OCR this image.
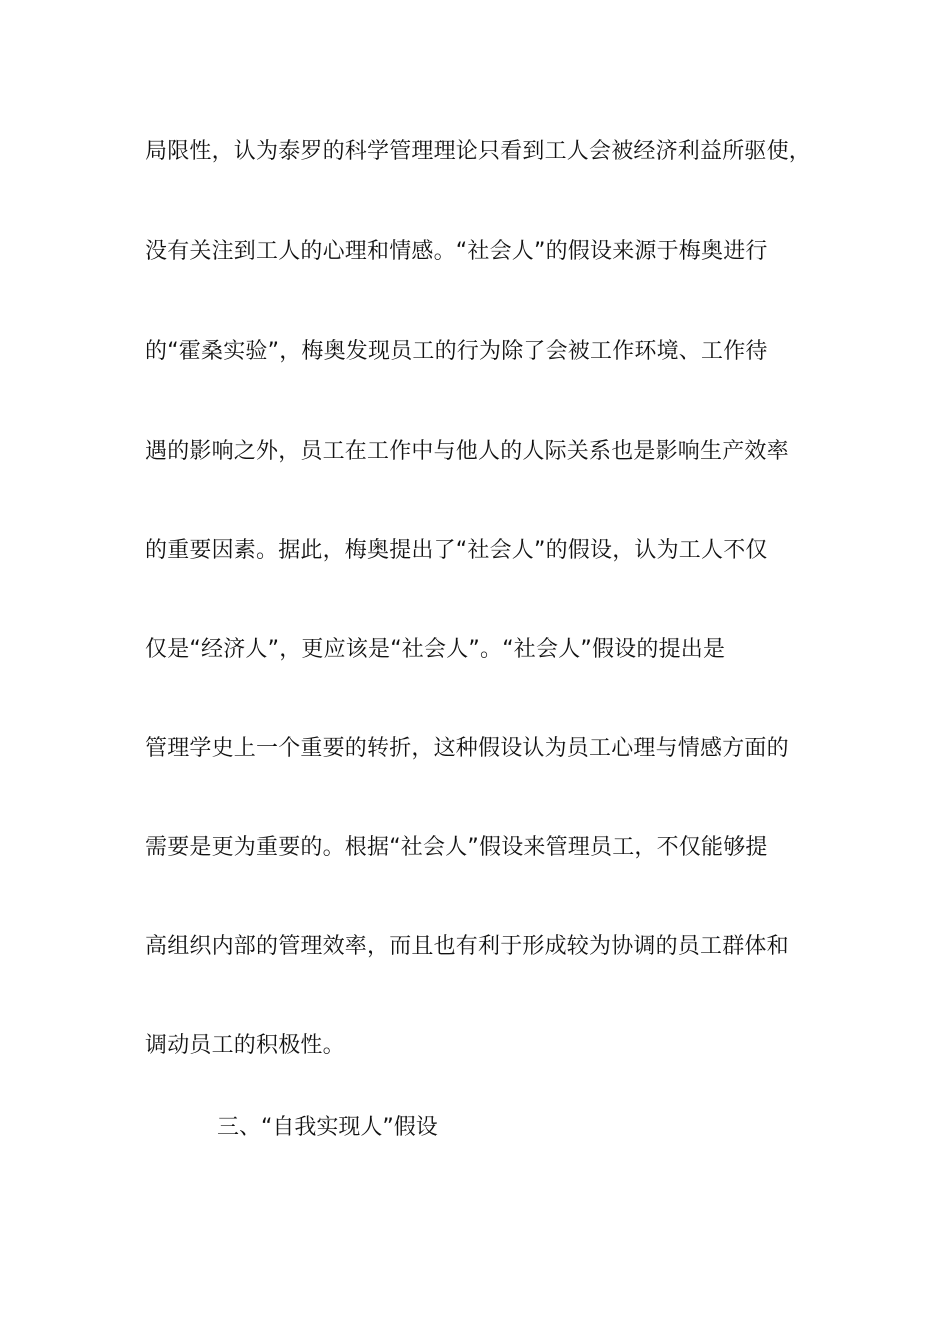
局限性，认为泰罗的科学管理理论只看到工人会被经济利益所驱使，
没有关注到工人的心理和情感。“社会人”的假设来源于梅奥进行
的“霍桑实验”，梅奥发现员工的行为除了会被工作环境、工作待
遇的影响之外，员工在工作中与他人的人际关系也是影响生产效率
的重要因素。据此，梅奥提出了“社会人”的假设，认为工人不仅
仅是“经济人”，更应该是“社会人”。“社会人”假设的提出是
管理学史上一个重要的转折，这种假设认为员工心理与情感方面的
需要是更为重要的。根据“社会人”假设来管理员工，不仅能够提
高组织内部的管理效率，而且也有利于形成较为协调的员工群体和
调动员工的积极性。
三、“自我实现人”假设
